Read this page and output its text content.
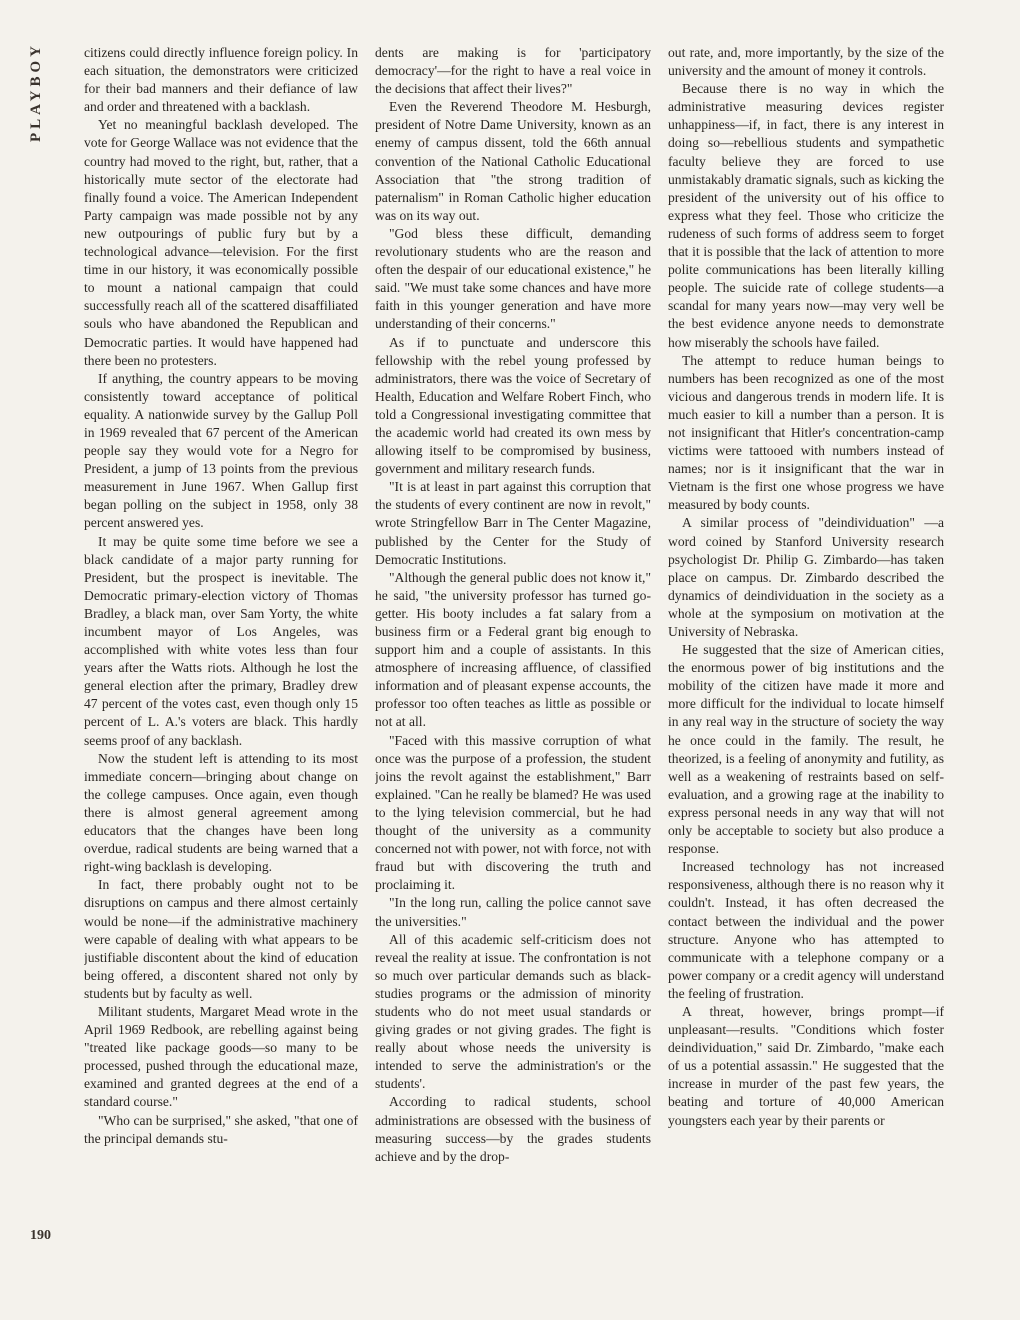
PLAYBOY	citizens could directly influence foreign policy. In each situation, the demonstrators were criticized for their bad manners and their defiance of law and order and threatened with a backlash.

Yet no meaningful backlash developed. The vote for George Wallace was not evidence that the country had moved to the right, but, rather, that a historically mute sector of the electorate had finally found a voice. The American Independent Party campaign was made possible not by any new outpourings of public fury but by a technological advance—television. For the first time in our history, it was economically possible to mount a national campaign that could successfully reach all of the scattered disaffiliated souls who have abandoned the Republican and Democratic parties. It would have happened had there been no protesters.

If anything, the country appears to be moving consistently toward acceptance of political equality. A nationwide survey by the Gallup Poll in 1969 revealed that 67 percent of the American people say they would vote for a Negro for President, a jump of 13 points from the previous measurement in June 1967. When Gallup first began polling on the subject in 1958, only 38 percent answered yes.

It may be quite some time before we see a black candidate of a major party running for President, but the prospect is inevitable. The Democratic primary-election victory of Thomas Bradley, a black man, over Sam Yorty, the white incumbent mayor of Los Angeles, was accomplished with white votes less than four years after the Watts riots. Although he lost the general election after the primary, Bradley drew 47 percent of the votes cast, even though only 15 percent of L. A.'s voters are black. This hardly seems proof of any backlash.

Now the student left is attending to its most immediate concern—bringing about change on the college campuses. Once again, even though there is almost general agreement among educators that the changes have been long overdue, radical students are being warned that a right-wing backlash is developing.

In fact, there probably ought not to be disruptions on campus and there almost certainly would be none—if the administrative machinery were capable of dealing with what appears to be justifiable discontent about the kind of education being offered, a discontent shared not only by students but by faculty as well.

Militant students, Margaret Mead wrote in the April 1969 Redbook, are rebelling against being "treated like package goods—so many to be processed, pushed through the educational maze, examined and granted degrees at the end of a standard course."

"Who can be surprised," she asked, "that one of the principal demands stu-

dents are making is for 'participatory democracy'—for the right to have a real voice in the decisions that affect their lives?"

Even the Reverend Theodore M. Hesburgh, president of Notre Dame University, known as an enemy of campus dissent, told the 66th annual convention of the National Catholic Educational Association that "the strong tradition of paternalism" in Roman Catholic higher education was on its way out.

"God bless these difficult, demanding revolutionary students who are the reason and often the despair of our educational existence," he said. "We must take some chances and have more faith in this younger generation and have more understanding of their concerns."

As if to punctuate and underscore this fellowship with the rebel young professed by administrators, there was the voice of Secretary of Health, Education and Welfare Robert Finch, who told a Congressional investigating committee that the academic world had created its own mess by allowing itself to be compromised by business, government and military research funds.

"It is at least in part against this corruption that the students of every continent are now in revolt," wrote Stringfellow Barr in The Center Magazine, published by the Center for the Study of Democratic Institutions.

"Although the general public does not know it," he said, "the university professor has turned go-getter. His booty includes a fat salary from a business firm or a Federal grant big enough to support him and a couple of assistants. In this atmosphere of increasing affluence, of classified information and of pleasant expense accounts, the professor too often teaches as little as possible or not at all.

"Faced with this massive corruption of what once was the purpose of a profession, the student joins the revolt against the establishment," Barr explained. "Can he really be blamed? He was used to the lying television commercial, but he had thought of the university as a community concerned not with power, not with force, not with fraud but with discovering the truth and proclaiming it.

"In the long run, calling the police cannot save the universities."

All of this academic self-criticism does not reveal the reality at issue. The confrontation is not so much over particular demands such as black-studies programs or the admission of minority students who do not meet usual standards or giving grades or not giving grades. The fight is really about whose needs the university is intended to serve the administration's or the students'.

According to radical students, school administrations are obsessed with the business of measuring success—by the grades students achieve and by the drop-

out rate, and, more importantly, by the size of the university and the amount of money it controls.

Because there is no way in which the administrative measuring devices register unhappiness—if, in fact, there is any interest in doing so—rebellious students and sympathetic faculty believe they are forced to use unmistakably dramatic signals, such as kicking the president of the university out of his office to express what they feel. Those who criticize the rudeness of such forms of address seem to forget that it is possible that the lack of attention to more polite communications has been literally killing people. The suicide rate of college students—a scandal for many years now—may very well be the best evidence anyone needs to demonstrate how miserably the schools have failed.

The attempt to reduce human beings to numbers has been recognized as one of the most vicious and dangerous trends in modern life. It is much easier to kill a number than a person. It is not insignificant that Hitler's concentration-camp victims were tattooed with numbers instead of names; nor is it insignificant that the war in Vietnam is the first one whose progress we have measured by body counts.

A similar process of "deindividuation" —a word coined by Stanford University research psychologist Dr. Philip G. Zimbardo—has taken place on campus. Dr. Zimbardo described the dynamics of deindividuation in the society as a whole at the symposium on motivation at the University of Nebraska.

He suggested that the size of American cities, the enormous power of big institutions and the mobility of the citizen have made it more and more difficult for the individual to locate himself in any real way in the structure of society the way he once could in the family. The result, he theorized, is a feeling of anonymity and futility, as well as a weakening of restraints based on self-evaluation, and a growing rage at the inability to express personal needs in any way that will not only be acceptable to society but also produce a response.

Increased technology has not increased responsiveness, although there is no reason why it couldn't. Instead, it has often decreased the contact between the individual and the power structure. Anyone who has attempted to communicate with a telephone company or a power company or a credit agency will understand the feeling of frustration.

A threat, however, brings prompt—if unpleasant—results. "Conditions which foster deindividuation," said Dr. Zimbardo, "make each of us a potential assassin." He suggested that the increase in murder of the past few years, the beating and torture of 40,000 American youngsters each year by their parents or

190
